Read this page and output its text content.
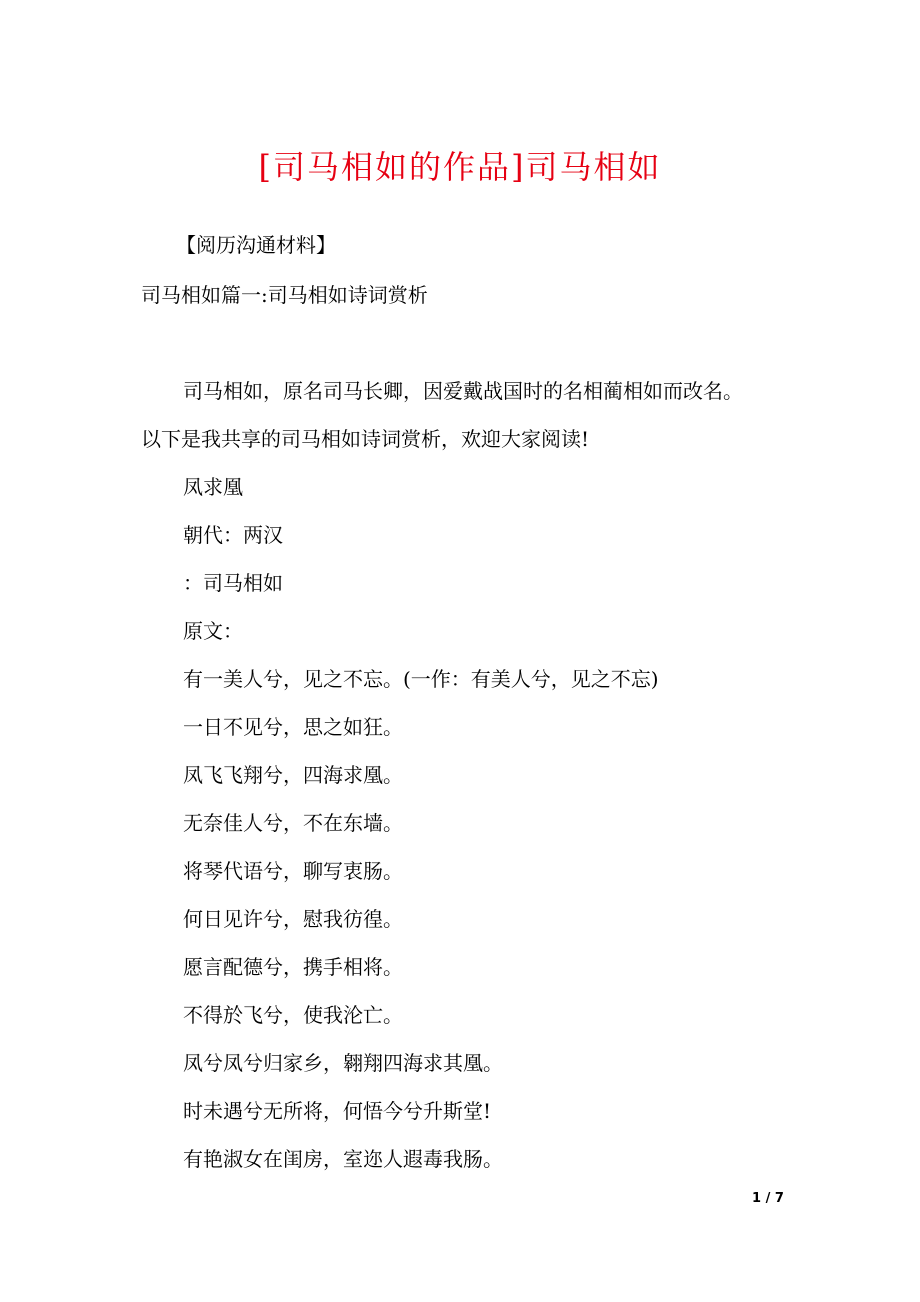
[司马相如的作品]司马相如
【阅历沟通材料】
司马相如篇一:司马相如诗词赏析
司马相如，原名司马长卿，因爱戴战国时的名相蔺相如而改名。
以下是我共享的司马相如诗词赏析，欢迎大家阅读!
凤求凰
朝代：两汉
：司马相如
原文：
有一美人兮，见之不忘。(一作：有美人兮，见之不忘)
一日不见兮，思之如狂。
凤飞飞翔兮，四海求凰。
无奈佳人兮，不在东墙。
将琴代语兮，聊写衷肠。
何日见许兮，慰我彷徨。
愿言配德兮，携手相将。
不得於飞兮，使我沦亡。
凤兮凤兮归家乡，翱翔四海求其凰。
时未遇兮无所将，何悟今兮升斯堂!
有艳淑女在闺房，室迩人遐毒我肠。
1 / 7
